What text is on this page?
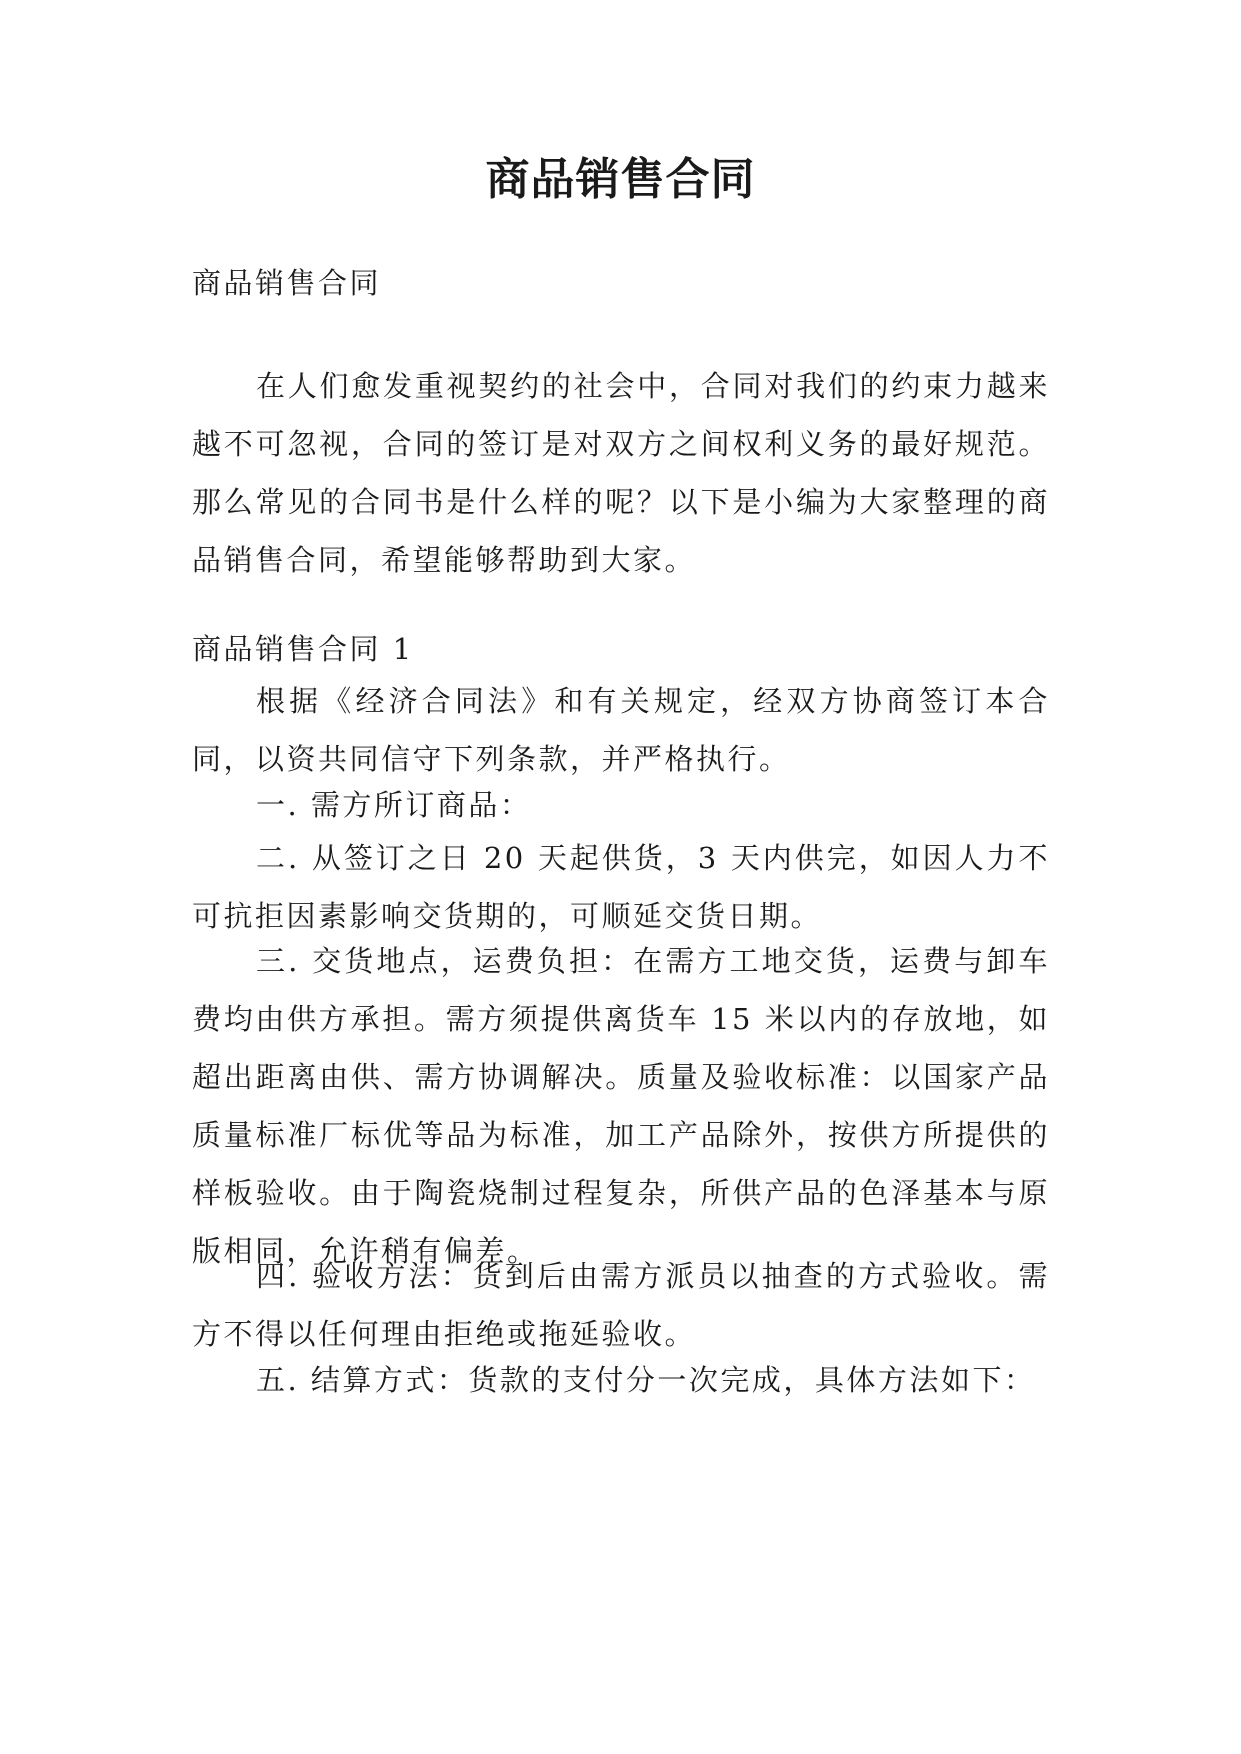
商品销售合同

商品销售合同

在人们愈发重视契约的社会中，合同对我们的约束力越来越不可忽视，合同的签订是对双方之间权利义务的最好规范。那么常见的合同书是什么样的呢？以下是小编为大家整理的商品销售合同，希望能够帮助到大家。

商品销售合同 1

根据《经济合同法》和有关规定，经双方协商签订本合同，以资共同信守下列条款，并严格执行。

一. 需方所订商品：

二. 从签订之日 20 天起供货，3 天内供完，如因人力不可抗拒因素影响交货期的，可顺延交货日期。

三. 交货地点，运费负担：在需方工地交货，运费与卸车费均由供方承担。需方须提供离货车 15 米以内的存放地，如超出距离由供、需方协调解决。质量及验收标准：以国家产品质量标准厂标优等品为标准，加工产品除外，按供方所提供的样板验收。由于陶瓷烧制过程复杂，所供产品的色泽基本与原版相同，允许稍有偏差。

四. 验收方法：货到后由需方派员以抽查的方式验收。需方不得以任何理由拒绝或拖延验收。

五. 结算方式：货款的支付分一次完成，具体方法如下：
